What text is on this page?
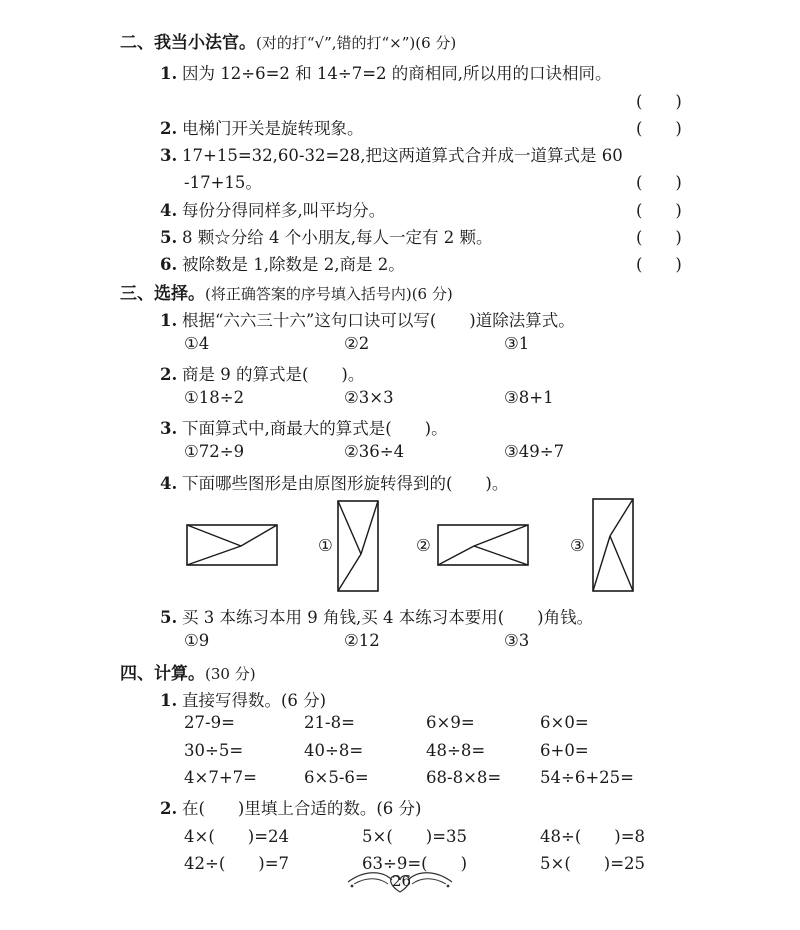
二、我当小法官。(对的打“√”,错的打“×”)(6 分)
1. 因为 12÷6=2 和 14÷7=2 的商相同,所以用的口诀相同。
(　　)
2. 电梯门开关是旋转现象。	(　　)
3. 17+15=32,60-32=28,把这两道算式合并成一道算式是 60
-17+15。	(　　)
4. 每份分得同样多,叫平均分。	(　　)
5. 8 颗☆分给 4 个小朋友,每人一定有 2 颗。	(　　)
6. 被除数是 1,除数是 2,商是 2。	(　　)
三、选择。(将正确答案的序号填入括号内)(6 分)
1. 根据“六六三十六”这句口诀可以写(　　)道除法算式。
①4	②2	③1
2. 商是 9 的算式是(　　)。
①18÷2	②3×3	③8+1
3. 下面算式中,商最大的算式是(　　)。
①72÷9	②36÷4	③49÷7
4. 下面哪些图形是由原图形旋转得到的(　　)。
①	②	③
5. 买 3 本练习本用 9 角钱,买 4 本练习本要用(　　)角钱。
①9	②12	③3
四、计算。(30 分)
1. 直接写得数。(6 分)
27-9=	21-8=	6×9=	6×0=
30÷5=	40÷8=	48÷8=	6+0=
4×7+7=	6×5-6=	68-8×8= 54÷6+25=
2. 在(　　)里填上合适的数。(6 分)
4×(　　)=24	5×(　　)=35	48÷(　　)=8
42÷(　　)=7	63÷9=(　　)	5×(　　)=25
26
